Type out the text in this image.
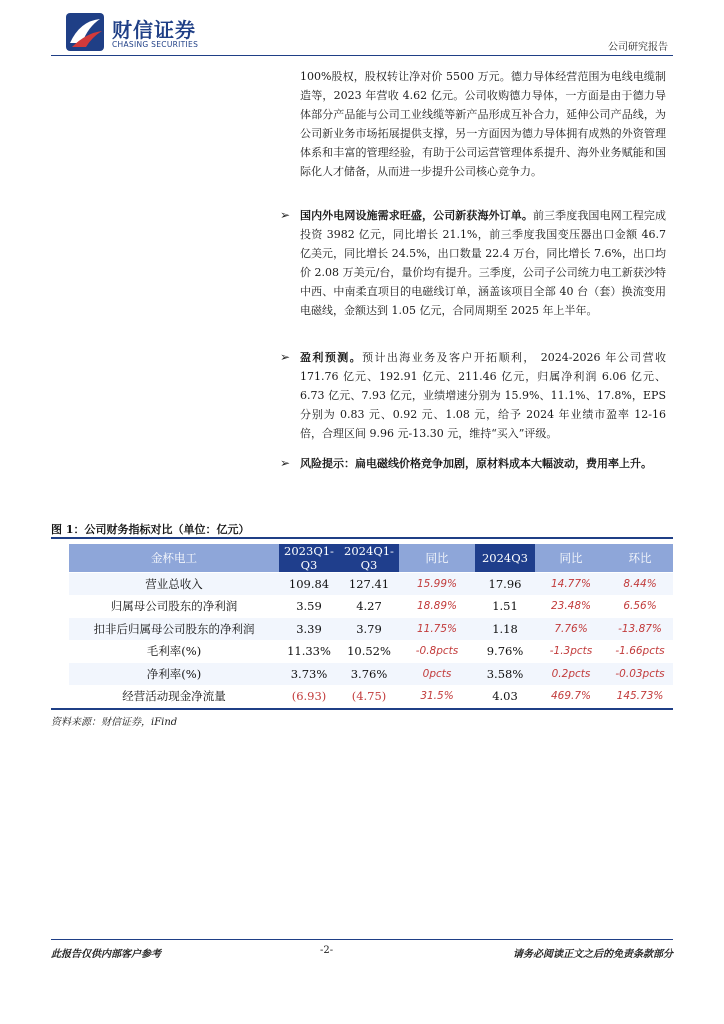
财信证券
CHASING SECURITIES	公司研究报告
100%股权，股权转让净对价 5500 万元。德力导体经营范围为电线电缆制造等，2023 年营收 4.62 亿元。公司收购德力导体，一方面是由于德力导体部分产品能与公司工业线缆等新产品形成互补合力，延伸公司产品线，为公司新业务市场拓展提供支撑，另一方面因为德力导体拥有成熟的外资管理体系和丰富的管理经验，有助于公司运营管理体系提升、海外业务赋能和国际化人才储备，从而进一步提升公司核心竞争力。
➢ 国内外电网设施需求旺盛，公司新获海外订单。前三季度我国电网工程完成投资 3982 亿元，同比增长 21.1%，前三季度我国变压器出口金额 46.7 亿美元，同比增长 24.5%，出口数量 22.4 万台，同比增长 7.6%，出口均价 2.08 万美元/台，量价均有提升。三季度，公司子公司统力电工新获沙特中西、中南柔直项目的电磁线订单，涵盖该项目全部 40 台（套）换流变用电磁线，金额达到 1.05 亿元，合同周期至 2025 年上半年。
➢ 盈利预测。预计出海业务及客户开拓顺利， 2024-2026 年公司营收 171.76 亿元、192.91 亿元、211.46 亿元，归属净利润 6.06 亿元、6.73 亿元、7.93 亿元，业绩增速分别为 15.9%、11.1%、17.8%，EPS 分别为 0.83 元、0.92 元、1.08 元，给予 2024 年业绩市盈率 12-16 倍，合理区间 9.96 元-13.30 元，维持“买入”评级。
➢ 风险提示：扁电磁线价格竞争加剧，原材料成本大幅波动，费用率上升。
图 1：公司财务指标对比（单位：亿元）
金杯电工	2023Q1-Q3	2024Q1-Q3	同比	2024Q3	同比	环比
营业总收入	109.84	127.41	15.99%	17.96	14.77%	8.44%
归属母公司股东的净利润	3.59	4.27	18.89%	1.51	23.48%	6.56%
扣非后归属母公司股东的净利润	3.39	3.79	11.75%	1.18	7.76%	-13.87%
毛利率(%)	11.33%	10.52%	-0.8pcts	9.76%	-1.3pcts	-1.66pcts
净利率(%)	3.73%	3.76%	0pcts	3.58%	0.2pcts	-0.03pcts
经营活动现金净流量	(6.93)	(4.75)	31.5%	4.03	469.7%	145.73%
资料来源：财信证券，iFind
此报告仅供内部客户参考	-2-	请务必阅读正文之后的免责条款部分
